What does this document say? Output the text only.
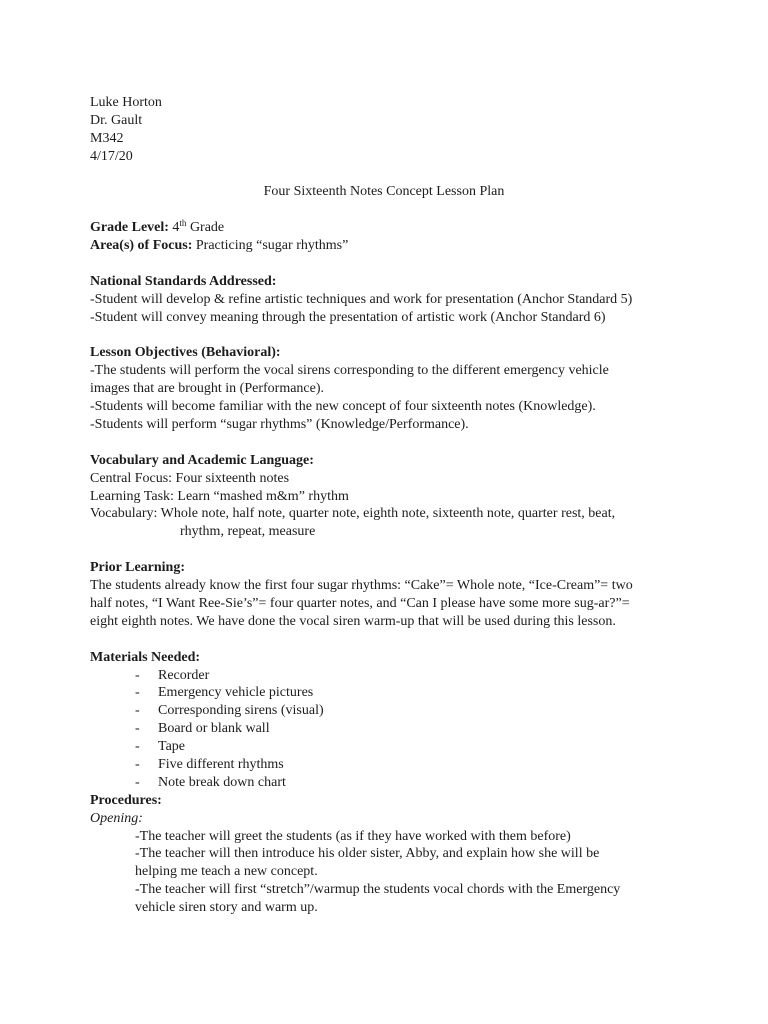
Luke Horton
Dr. Gault
M342
4/17/20
Four Sixteenth Notes Concept Lesson Plan
Grade Level: 4th Grade
Area(s) of Focus: Practicing “sugar rhythms”
National Standards Addressed:
-Student will develop & refine artistic techniques and work for presentation (Anchor Standard 5)
-Student will convey meaning through the presentation of artistic work (Anchor Standard 6)
Lesson Objectives (Behavioral):
-The students will perform the vocal sirens corresponding to the different emergency vehicle
images that are brought in (Performance).
-Students will become familiar with the new concept of four sixteenth notes (Knowledge).
-Students will perform “sugar rhythms” (Knowledge/Performance).
Vocabulary and Academic Language:
Central Focus: Four sixteenth notes
Learning Task: Learn “mashed m&m” rhythm
Vocabulary: Whole note, half note, quarter note, eighth note, sixteenth note, quarter rest, beat,
rhythm, repeat, measure
Prior Learning:
The students already know the first four sugar rhythms: “Cake”= Whole note, “Ice-Cream”= two
half notes, “I Want Ree-Sie’s”= four quarter notes, and “Can I please have some more sug-ar?”=
eight eighth notes. We have done the vocal siren warm-up that will be used during this lesson.
Materials Needed:
- Recorder
- Emergency vehicle pictures
- Corresponding sirens (visual)
- Board or blank wall
- Tape
- Five different rhythms
- Note break down chart
Procedures:
Opening:
-The teacher will greet the students (as if they have worked with them before)
-The teacher will then introduce his older sister, Abby, and explain how she will be
helping me teach a new concept.
-The teacher will first “stretch”/warmup the students vocal chords with the Emergency
vehicle siren story and warm up.
